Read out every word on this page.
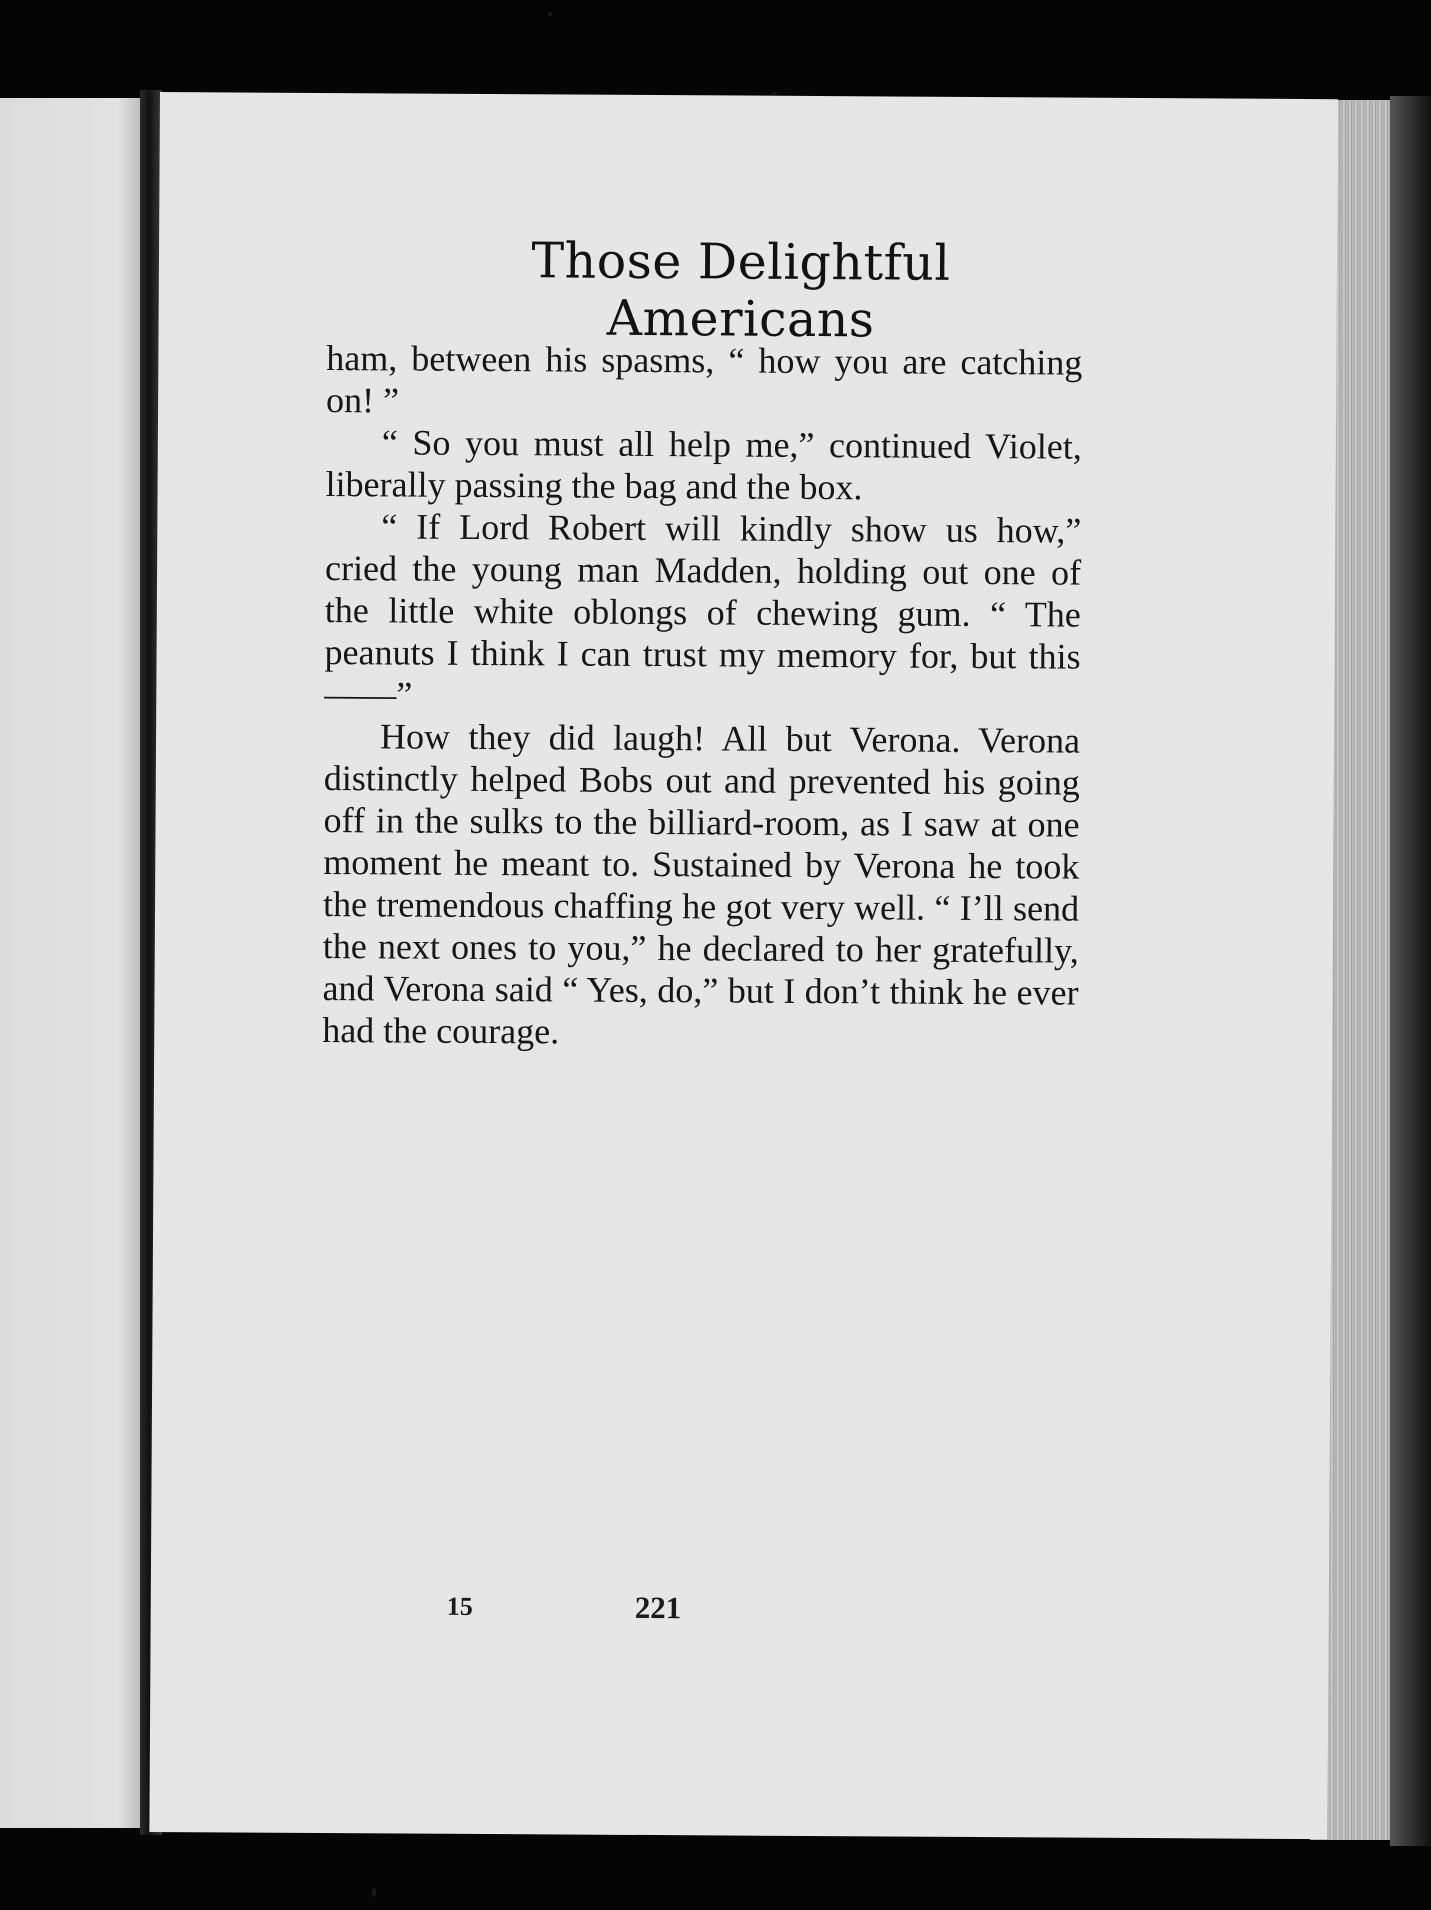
Those Delightful Americans

ham, between his spasms, “ how you are catching on! ”

“ So you must all help me,” continued Violet, liberally passing the bag and the box.

“ If Lord Robert will kindly show us how,” cried the young man Madden, holding out one of the little white oblongs of chewing gum. “ The peanuts I think I can trust my memory for, but this——”

How they did laugh! All but Verona. Verona distinctly helped Bobs out and prevented his going off in the sulks to the billiard-room, as I saw at one moment he meant to. Sustained by Verona he took the tremendous chaffing he got very well. “ I’ll send the next ones to you,” he declared to her gratefully, and Verona said “ Yes, do,” but I don’t think he ever had the courage.

15	221
